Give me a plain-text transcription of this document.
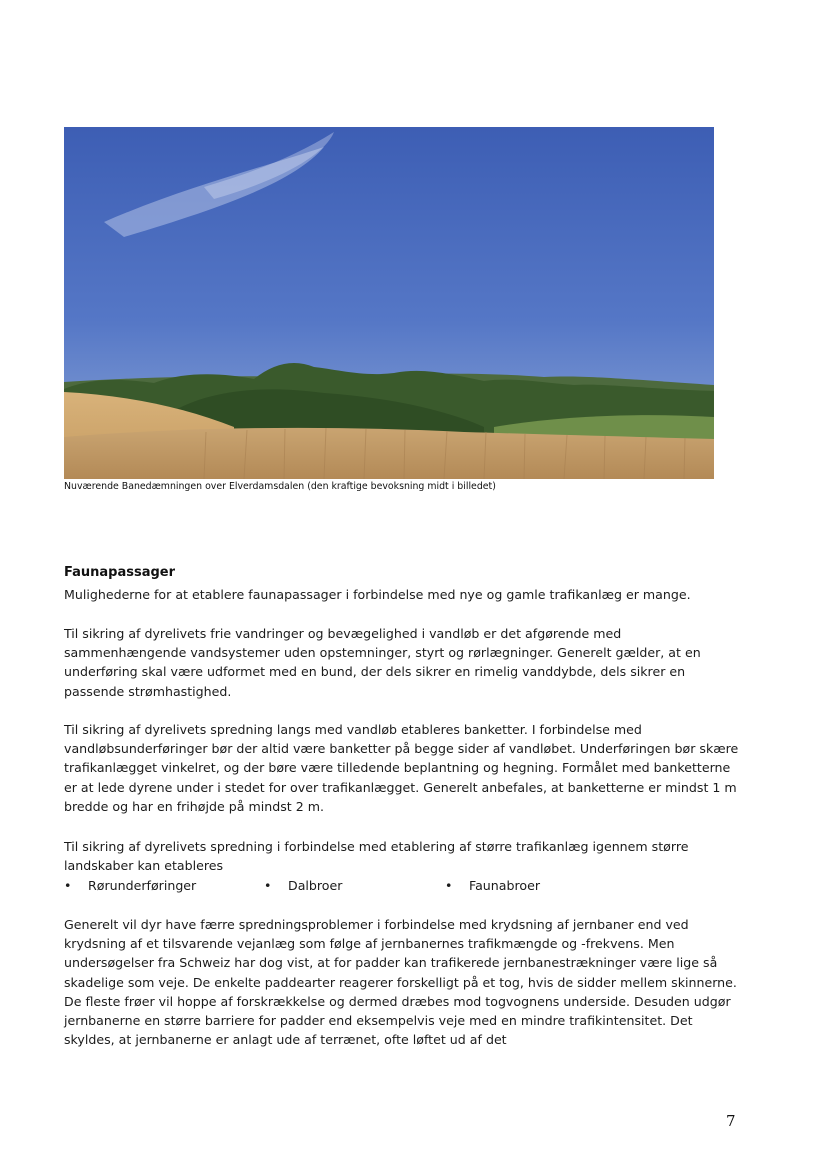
Nuværende Banedæmningen over Elverdamsdalen (den kraftige bevoksning midt i billedet)
Faunapassager

Mulighederne for at etablere faunapassager i forbindelse med nye og gamle trafikanlæg er mange.

Til sikring af dyrelivets frie vandringer og bevægelighed i vandløb er det afgørende med sammenhængende vandsystemer uden opstemninger, styrt og rørlægninger. Generelt gælder, at en underføring skal være udformet med en bund, der dels sikrer en rimelig vanddybde, dels sikrer en passende strømhastighed.

Til sikring af dyrelivets spredning langs med vandløb etableres banketter. I forbindelse med vandløbsunderføringer bør der altid være banketter på begge sider af vandløbet. Underføringen bør skære trafikanlægget vinkelret, og der børe være tilledende beplantning og hegning. Formålet med banketterne er at lede dyrene under i stedet for over trafikanlægget. Generelt anbefales, at banketterne er mindst 1 m bredde og har en frihøjde på mindst 2 m.

Til sikring af dyrelivets spredning i forbindelse med etablering af større trafikanlæg igennem større landskaber kan etableres

• Rørunderføringer	• Dalbroer	• Faunabroer

Generelt vil dyr have færre spredningsproblemer i forbindelse med krydsning af jernbaner end ved krydsning af et tilsvarende vejanlæg som følge af jernbanernes trafikmængde og -frekvens. Men undersøgelser fra Schweiz har dog vist, at for padder kan trafikerede jernbanestrækninger være lige så skadelige som veje. De enkelte paddearter reagerer forskelligt på et tog, hvis de sidder mellem skinnerne. De fleste frøer vil hoppe af forskrækkelse og dermed dræbes mod togvognens underside. Desuden udgør jernbanerne en større barriere for padder end eksempelvis veje med en mindre trafikintensitet. Det skyldes, at jernbanerne er anlagt ude af terrænet, ofte løftet ud af det

7
